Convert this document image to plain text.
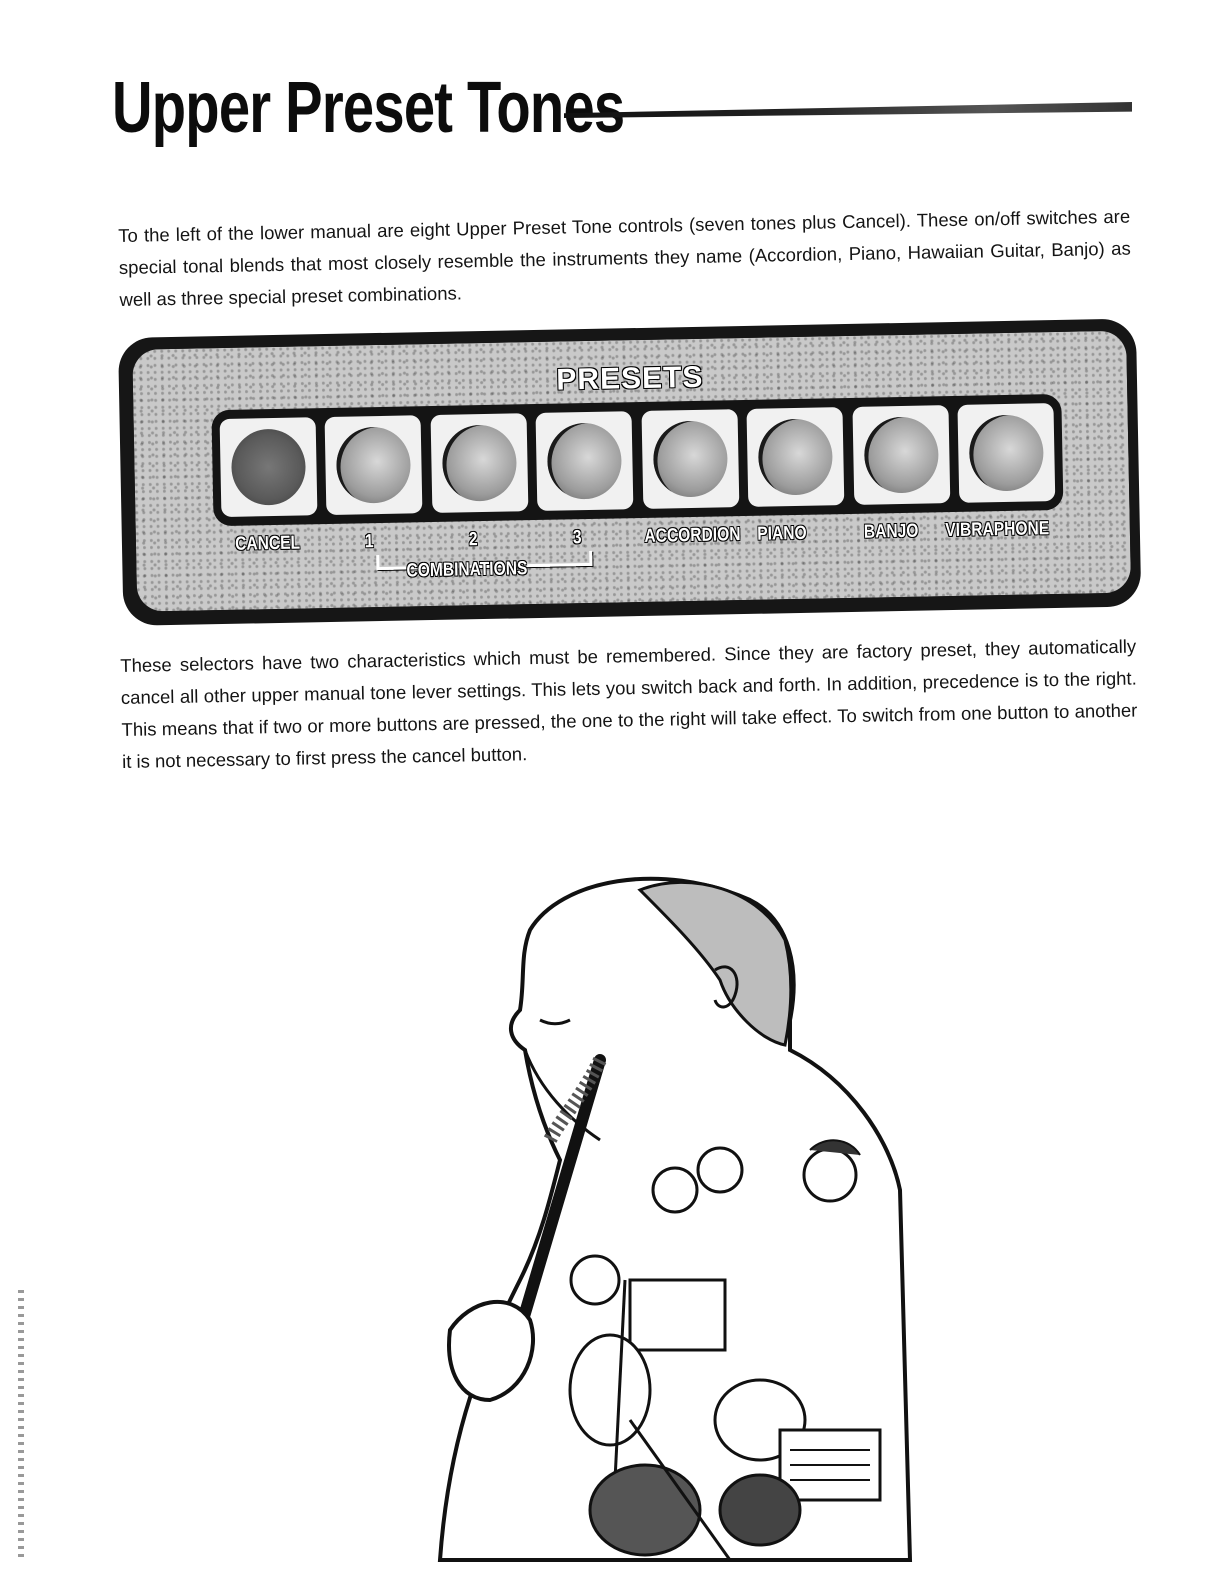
Upper Preset Tones

To the left of the lower manual are eight Upper Preset Tone controls (seven tones plus Cancel). These on/off switches are special tonal blends that most closely resemble the instruments they name (Accordion, Piano, Hawaiian Guitar, Banjo) as well as three special preset combinations.

PRESETS
CANCEL	1	2	3	ACCORDION PIANO	BANJO VIBRAPHONE
COMBINATIONS

These selectors have two characteristics which must be remembered. Since they are factory preset, they automatically cancel all other upper manual tone lever settings. This lets you switch back and forth. In addition, precedence is to the right. This means that if two or more buttons are pressed, the one to the right will take effect. To switch from one button to another it is not necessary to first press the cancel button.
